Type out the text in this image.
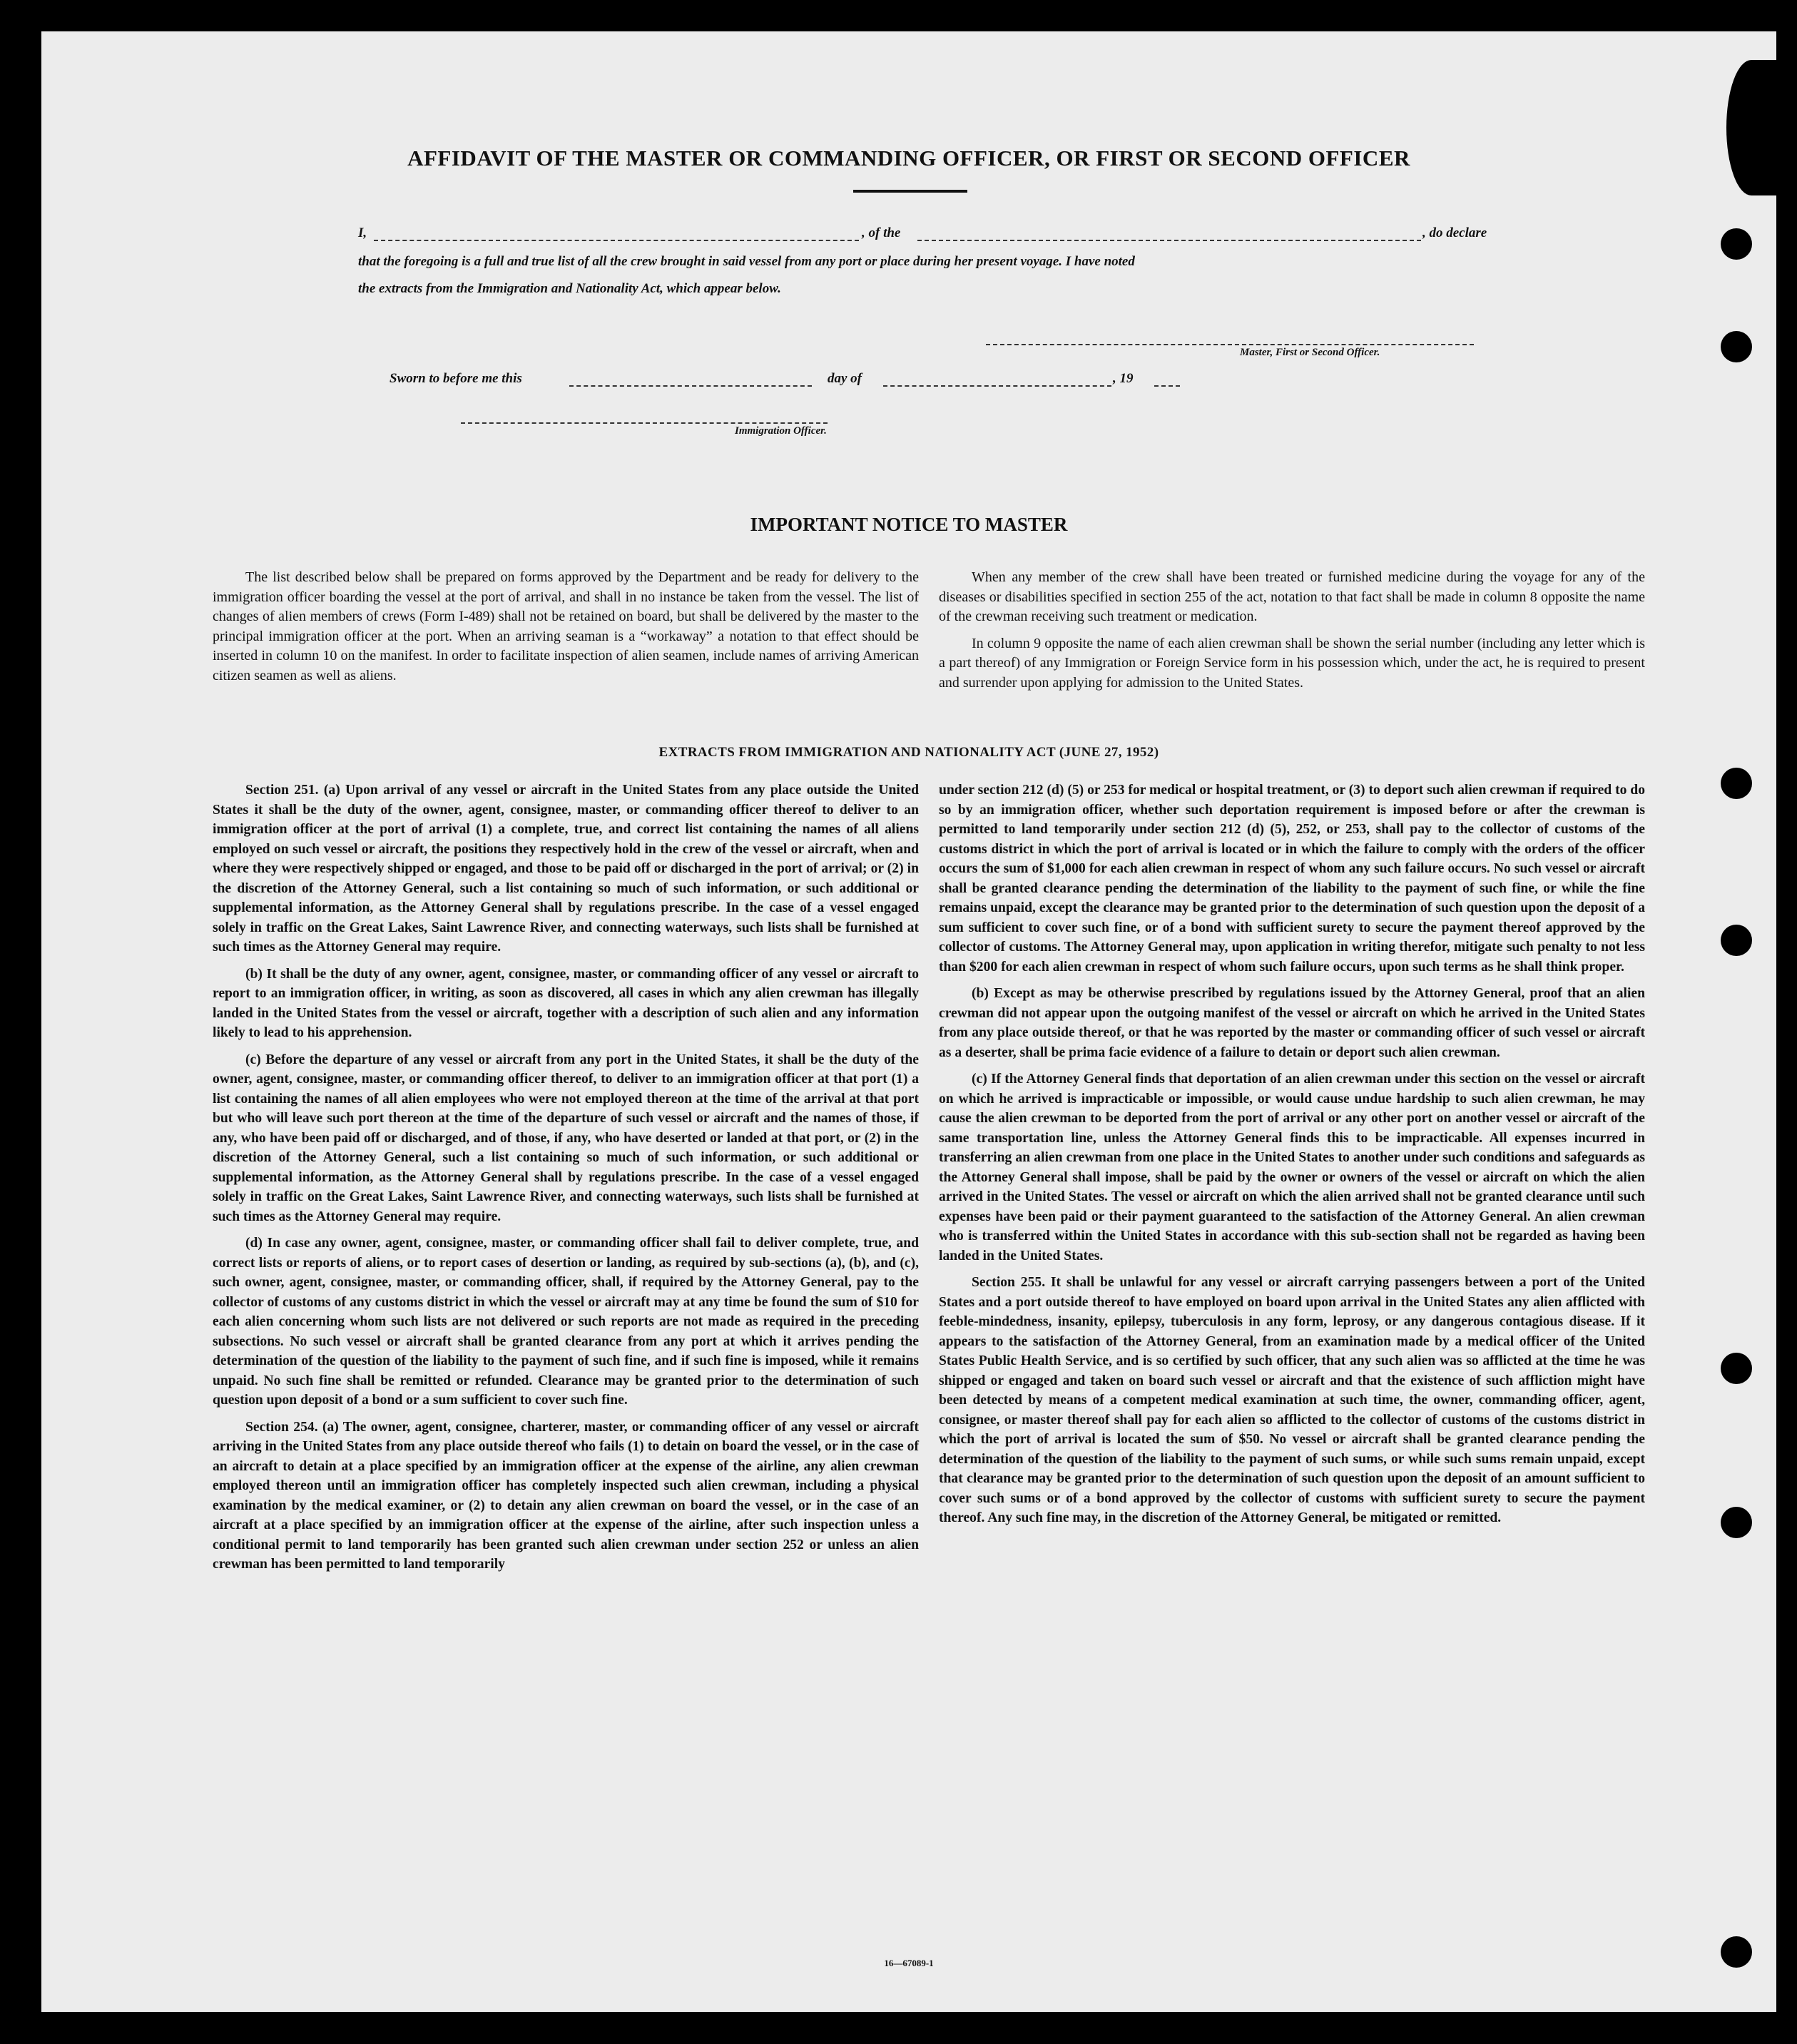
AFFIDAVIT OF THE MASTER OR COMMANDING OFFICER, OR FIRST OR SECOND OFFICER
I,	, of the	, do declare
that the foregoing is a full and true list of all the crew brought in said vessel from any port or place during her present voyage. I have noted
the extracts from the Immigration and Nationality Act, which appear below.
Master, First or Second Officer.
Sworn to before me this	day of	, 19
Immigration Officer.
IMPORTANT NOTICE TO MASTER

The list described below shall be prepared on forms approved by the Department and be ready for delivery to the immigration officer boarding the vessel at the port of arrival, and shall in no instance be taken from the vessel. The list of changes of alien members of crews (Form I-489) shall not be retained on board, but shall be delivered by the master to the principal immigration officer at the port. When an arriving seaman is a “workaway” a notation to that effect should be inserted in column 10 on the manifest. In order to facilitate inspection of alien seamen, include names of arriving American citizen seamen as well as aliens.

When any member of the crew shall have been treated or furnished medicine during the voyage for any of the diseases or disabilities specified in section 255 of the act, notation to that fact shall be made in column 8 opposite the name of the crewman receiving such treatment or medication.

In column 9 opposite the name of each alien crewman shall be shown the serial number (including any letter which is a part thereof) of any Immigration or Foreign Service form in his possession which, under the act, he is required to present and surrender upon applying for admission to the United States.

EXTRACTS FROM IMMIGRATION AND NATIONALITY ACT (JUNE 27, 1952)

Section 251. (a) Upon arrival of any vessel or aircraft in the United States from any place outside the United States it shall be the duty of the owner, agent, consignee, master, or commanding officer thereof to deliver to an immigration officer at the port of arrival (1) a complete, true, and correct list containing the names of all aliens employed on such vessel or aircraft, the positions they respectively hold in the crew of the vessel or aircraft, when and where they were respectively shipped or engaged, and those to be paid off or discharged in the port of arrival; or (2) in the discretion of the Attorney General, such a list containing so much of such information, or such additional or supplemental information, as the Attorney General shall by regulations prescribe. In the case of a vessel engaged solely in traffic on the Great Lakes, Saint Lawrence River, and connecting waterways, such lists shall be furnished at such times as the Attorney General may require.

(b) It shall be the duty of any owner, agent, consignee, master, or commanding officer of any vessel or aircraft to report to an immigration officer, in writing, as soon as discovered, all cases in which any alien crewman has illegally landed in the United States from the vessel or aircraft, together with a description of such alien and any information likely to lead to his apprehension.

(c) Before the departure of any vessel or aircraft from any port in the United States, it shall be the duty of the owner, agent, consignee, master, or commanding officer thereof, to deliver to an immigration officer at that port (1) a list containing the names of all alien employees who were not employed thereon at the time of the arrival at that port but who will leave such port thereon at the time of the departure of such vessel or aircraft and the names of those, if any, who have been paid off or discharged, and of those, if any, who have deserted or landed at that port, or (2) in the discretion of the Attorney General, such a list containing so much of such information, or such additional or supplemental information, as the Attorney General shall by regulations prescribe. In the case of a vessel engaged solely in traffic on the Great Lakes, Saint Lawrence River, and connecting waterways, such lists shall be furnished at such times as the Attorney General may require.

(d) In case any owner, agent, consignee, master, or commanding officer shall fail to deliver complete, true, and correct lists or reports of aliens, or to report cases of desertion or landing, as required by sub-sections (a), (b), and (c), such owner, agent, consignee, master, or commanding officer, shall, if required by the Attorney General, pay to the collector of customs of any customs district in which the vessel or aircraft may at any time be found the sum of $10 for each alien concerning whom such lists are not delivered or such reports are not made as required in the preceding subsections. No such vessel or aircraft shall be granted clearance from any port at which it arrives pending the determination of the question of the liability to the payment of such fine, and if such fine is imposed, while it remains unpaid. No such fine shall be remitted or refunded. Clearance may be granted prior to the determination of such question upon deposit of a bond or a sum sufficient to cover such fine.

Section 254. (a) The owner, agent, consignee, charterer, master, or commanding officer of any vessel or aircraft arriving in the United States from any place outside thereof who fails (1) to detain on board the vessel, or in the case of an aircraft to detain at a place specified by an immigration officer at the expense of the airline, any alien crewman employed thereon until an immigration officer has completely inspected such alien crewman, including a physical examination by the medical examiner, or (2) to detain any alien crewman on board the vessel, or in the case of an aircraft at a place specified by an immigration officer at the expense of the airline, after such inspection unless a conditional permit to land temporarily has been granted such alien crewman under section 252 or unless an alien crewman has been permitted to land temporarily

under section 212 (d) (5) or 253 for medical or hospital treatment, or (3) to deport such alien crewman if required to do so by an immigration officer, whether such deportation requirement is imposed before or after the crewman is permitted to land temporarily under section 212 (d) (5), 252, or 253, shall pay to the collector of customs of the customs district in which the port of arrival is located or in which the failure to comply with the orders of the officer occurs the sum of $1,000 for each alien crewman in respect of whom any such failure occurs. No such vessel or aircraft shall be granted clearance pending the determination of the liability to the payment of such fine, or while the fine remains unpaid, except the clearance may be granted prior to the determination of such question upon the deposit of a sum sufficient to cover such fine, or of a bond with sufficient surety to secure the payment thereof approved by the collector of customs. The Attorney General may, upon application in writing therefor, mitigate such penalty to not less than $200 for each alien crewman in respect of whom such failure occurs, upon such terms as he shall think proper.

(b) Except as may be otherwise prescribed by regulations issued by the Attorney General, proof that an alien crewman did not appear upon the outgoing manifest of the vessel or aircraft on which he arrived in the United States from any place outside thereof, or that he was reported by the master or commanding officer of such vessel or aircraft as a deserter, shall be prima facie evidence of a failure to detain or deport such alien crewman.

(c) If the Attorney General finds that deportation of an alien crewman under this section on the vessel or aircraft on which he arrived is impracticable or impossible, or would cause undue hardship to such alien crewman, he may cause the alien crewman to be deported from the port of arrival or any other port on another vessel or aircraft of the same transportation line, unless the Attorney General finds this to be impracticable. All expenses incurred in transferring an alien crewman from one place in the United States to another under such conditions and safeguards as the Attorney General shall impose, shall be paid by the owner or owners of the vessel or aircraft on which the alien arrived in the United States. The vessel or aircraft on which the alien arrived shall not be granted clearance until such expenses have been paid or their payment guaranteed to the satisfaction of the Attorney General. An alien crewman who is transferred within the United States in accordance with this sub-section shall not be regarded as having been landed in the United States.

Section 255. It shall be unlawful for any vessel or aircraft carrying passengers between a port of the United States and a port outside thereof to have employed on board upon arrival in the United States any alien afflicted with feeble-mindedness, insanity, epilepsy, tuberculosis in any form, leprosy, or any dangerous contagious disease. If it appears to the satisfaction of the Attorney General, from an examination made by a medical officer of the United States Public Health Service, and is so certified by such officer, that any such alien was so afflicted at the time he was shipped or engaged and taken on board such vessel or aircraft and that the existence of such affliction might have been detected by means of a competent medical examination at such time, the owner, commanding officer, agent, consignee, or master thereof shall pay for each alien so afflicted to the collector of customs of the customs district in which the port of arrival is located the sum of $50. No vessel or aircraft shall be granted clearance pending the determination of the question of the liability to the payment of such sums, or while such sums remain unpaid, except that clearance may be granted prior to the determination of such question upon the deposit of an amount sufficient to cover such sums or of a bond approved by the collector of customs with sufficient surety to secure the payment thereof. Any such fine may, in the discretion of the Attorney General, be mitigated or remitted.

16—67089-1
